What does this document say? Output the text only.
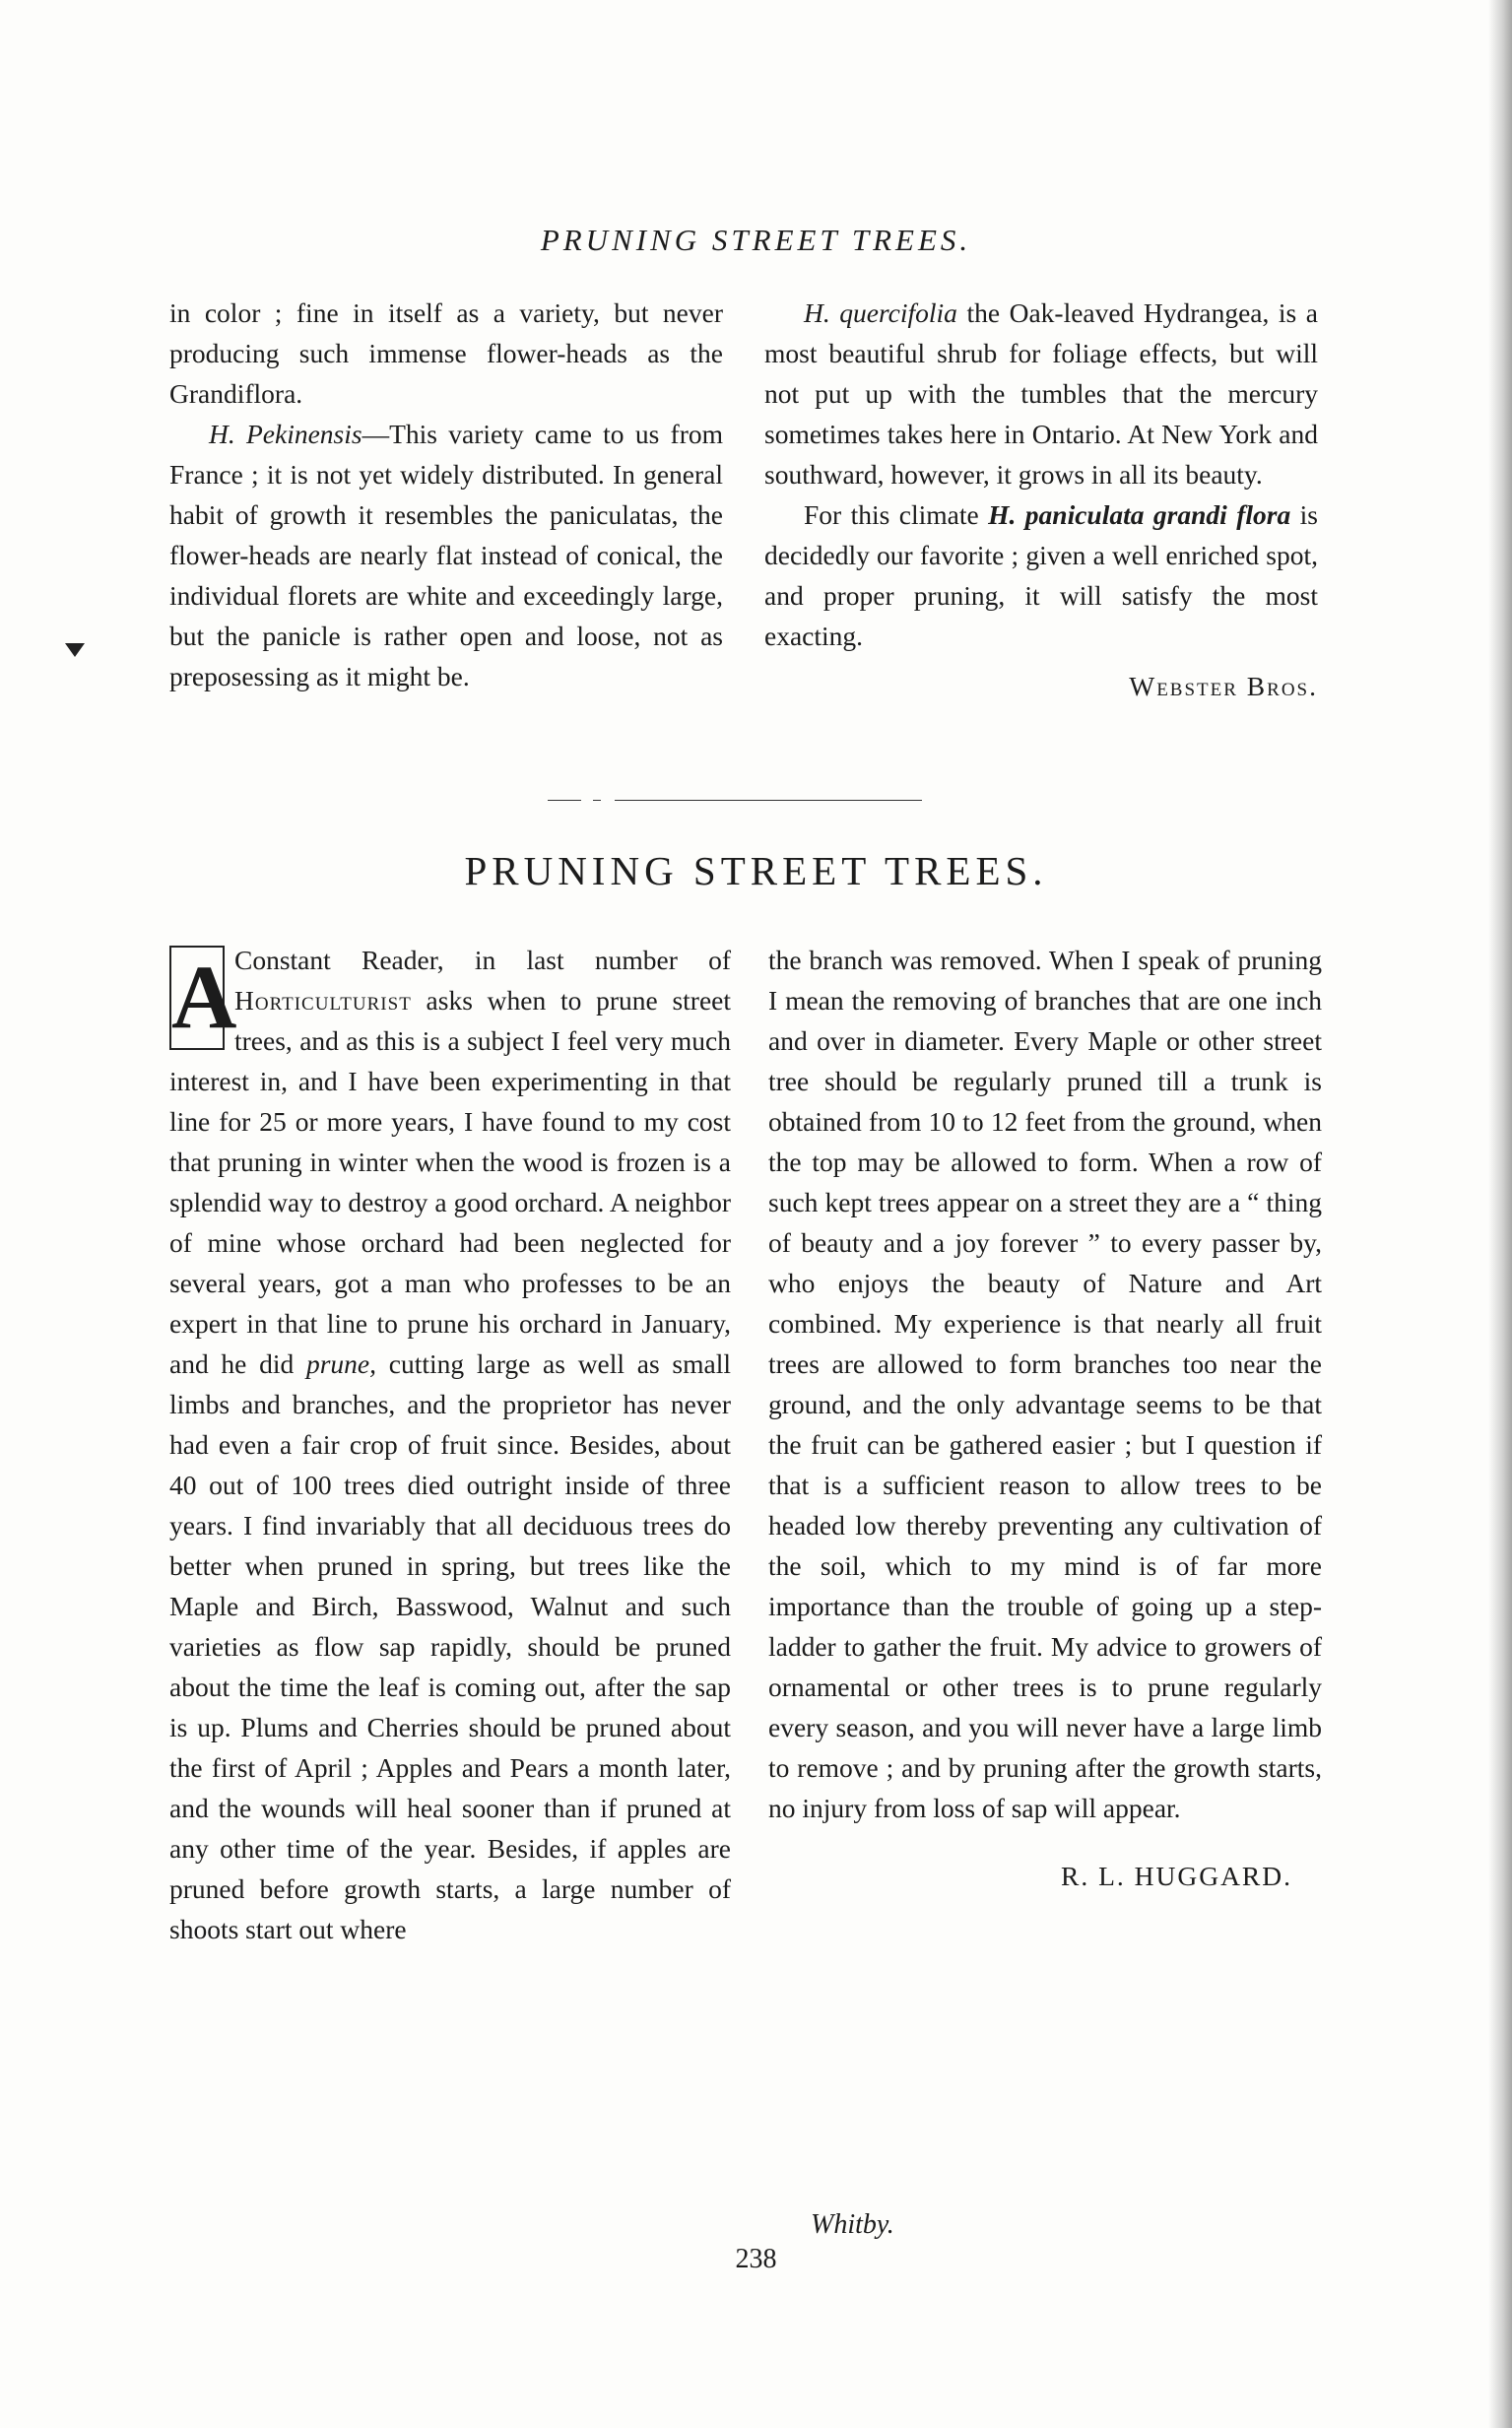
PRUNING STREET TREES.

in color ; fine in itself as a variety, but never producing such immense flower-heads as the Grandiflora.

H. Pekinensis—This variety came to us from France ; it is not yet widely distributed. In general habit of growth it resembles the paniculatas, the flower-heads are nearly flat instead of conical, the individual florets are white and exceedingly large, but the panicle is rather open and loose, not as preposessing as it might be.

H. quercifolia the Oak-leaved Hydrangea, is a most beautiful shrub for foliage effects, but will not put up with the tumbles that the mercury sometimes takes here in Ontario. At New York and southward, however, it grows in all its beauty.

For this climate H. paniculata grandi flora is decidedly our favorite ; given a well enriched spot, and proper pruning, it will satisfy the most exacting.

Webster Bros.

PRUNING STREET TREES.

A
Constant Reader, in last number of Horticulturist asks when to prune street trees, and as this is a subject I feel very much interest in, and I have been experimenting in that line for 25 or more years, I have found to my cost that pruning in winter when the wood is frozen is a splendid way to destroy a good orchard. A neighbor of mine whose orchard had been neglected for several years, got a man who professes to be an expert in that line to prune his orchard in January, and he did prune, cutting large as well as small limbs and branches, and the proprietor has never had even a fair crop of fruit since. Besides, about 40 out of 100 trees died outright inside of three years. I find invariably that all deciduous trees do better when pruned in spring, but trees like the Maple and Birch, Basswood, Walnut and such varieties as flow sap rapidly, should be pruned about the time the leaf is coming out, after the sap is up. Plums and Cherries should be pruned about the first of April ; Apples and Pears a month later, and the wounds will heal sooner than if pruned at any other time of the year. Besides, if apples are pruned before growth starts, a large number of shoots start out where

the branch was removed. When I speak of pruning I mean the removing of branches that are one inch and over in diameter. Every Maple or other street tree should be regularly pruned till a trunk is obtained from 10 to 12 feet from the ground, when the top may be allowed to form. When a row of such kept trees appear on a street they are a “ thing of beauty and a joy forever ” to every passer by, who enjoys the beauty of Nature and Art combined. My experience is that nearly all fruit trees are allowed to form branches too near the ground, and the only advantage seems to be that the fruit can be gathered easier ; but I question if that is a sufficient reason to allow trees to be headed low thereby preventing any cultivation of the soil, which to my mind is of far more importance than the trouble of going up a step-ladder to gather the fruit. My advice to growers of ornamental or other trees is to prune regularly every season, and you will never have a large limb to remove ; and by pruning after the growth starts, no injury from loss of sap will appear.

R. L. HUGGARD.

Whitby.
238
